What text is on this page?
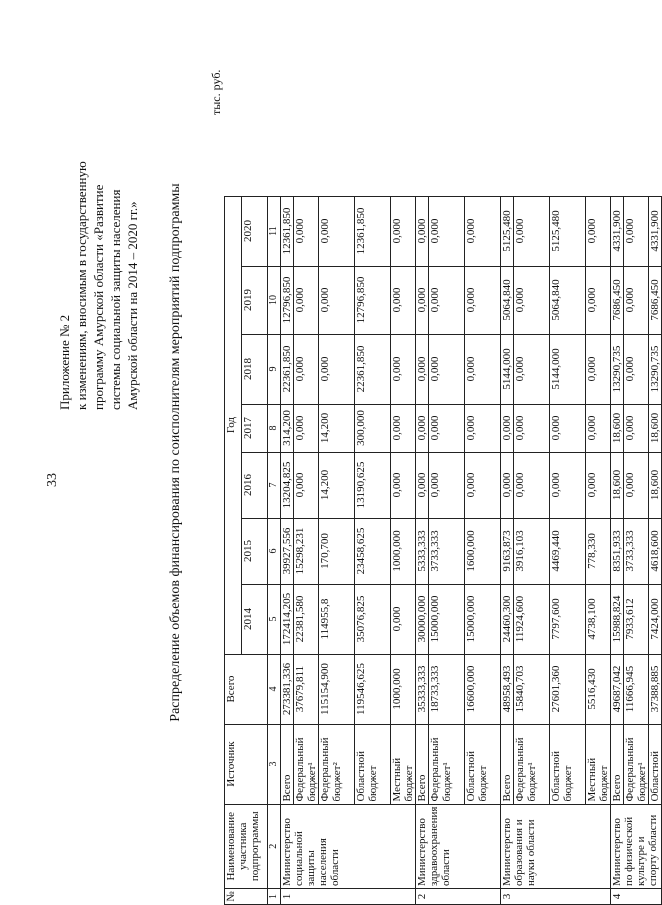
33
Приложение № 2 к изменениям, вносимым в государственную программу Амурской области «Развитие системы социальной защиты населения Амурской области на 2014 – 2020 гг.» Распределение объемов финансирования по соисполнителям мероприятий подпрограммы
тыс. руб.
№	Наименование участника подпрограммы	Источник	Всего	Год						
				2014	2015	2016	2017	2018	2019	2020
1	2	3	4	5	6	7	8	9	10	11
1	Министерство социальной защиты населения области	Всего	273381,336	172414,205	39927,556	13204,825	314,200	22361,850	12796,850	12361,850
		Федеральный бюджет¹	37679,811	22381,580	15298,231	0,000	0,000	0,000	0,000	0,000
		Федеральный бюджет²	115154,900	114955,8	170,700	14,200	14,200	0,000	0,000	0,000
		Областной бюджет	119546,625	35076,825	23458,625	13190,625	300,000	22361,850	12796,850	12361,850
		Местный бюджет	1000,000	0,000	1000,000	0,000	0,000	0,000	0,000	0,000
2	Министерство здравоохранения области	Всего	35333,333	30000,000	5333,333	0,000	0,000	0,000	0,000	0,000
		Федеральный бюджет¹	18733,333	15000,000	3733,333	0,000	0,000	0,000	0,000	0,000
		Областной бюджет	16600,000	15000,000	1600,000	0,000	0,000	0,000	0,000	0,000
3	Министерство образования и науки области	Всего	48958,493	24460,300	9163,873	0,000	0,000	5144,000	5064,840	5125,480
		Федеральный бюджет¹	15840,703	11924,600	3916,103	0,000	0,000	0,000	0,000	0,000
		Областной бюджет	27601,360	7797,600	4469,440	0,000	0,000	5144,000	5064,840	5125,480
		Местный бюджет	5516,430	4738,100	778,330	0,000	0,000	0,000	0,000	0,000
4	Министерство по физической культуре и спорту области	Всего	49687,042	15988,824	8351,933	18,600	18,600	13290,735	7686,450	4331,900
		Федеральный бюджет¹	11666,945	7933,612	3733,333	0,000	0,000	0,000	0,000	0,000
		Областной	37388,885	7424,000	4618,600	18,600	18,600	13290,735	7686,450	4331,900
